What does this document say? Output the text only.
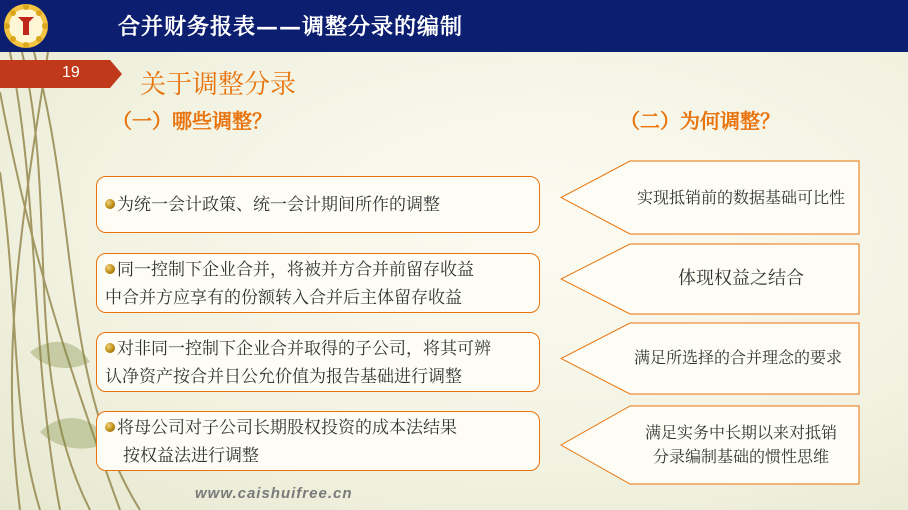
合并财务报表——调整分录的编制
19 关于调整分录
（一）哪些调整？	（二）为何调整？
为统一会计政策、统一会计期间所作的调整	实现抵销前的数据基础可比性
同一控制下企业合并，将被并方合并前留存收益
中合并方应享有的份额转入合并后主体留存收益
体现权益之结合
对非同一控制下企业合并取得的子公司，将其可辨
认净资产按合并日公允价值为报告基础进行调整
满足所选择的合并理念的要求
将母公司对子公司长期股权投资的成本法结果
按权益法进行调整
满足实务中长期以来对抵销
分录编制基础的惯性思维
www.caishuifree.cn
